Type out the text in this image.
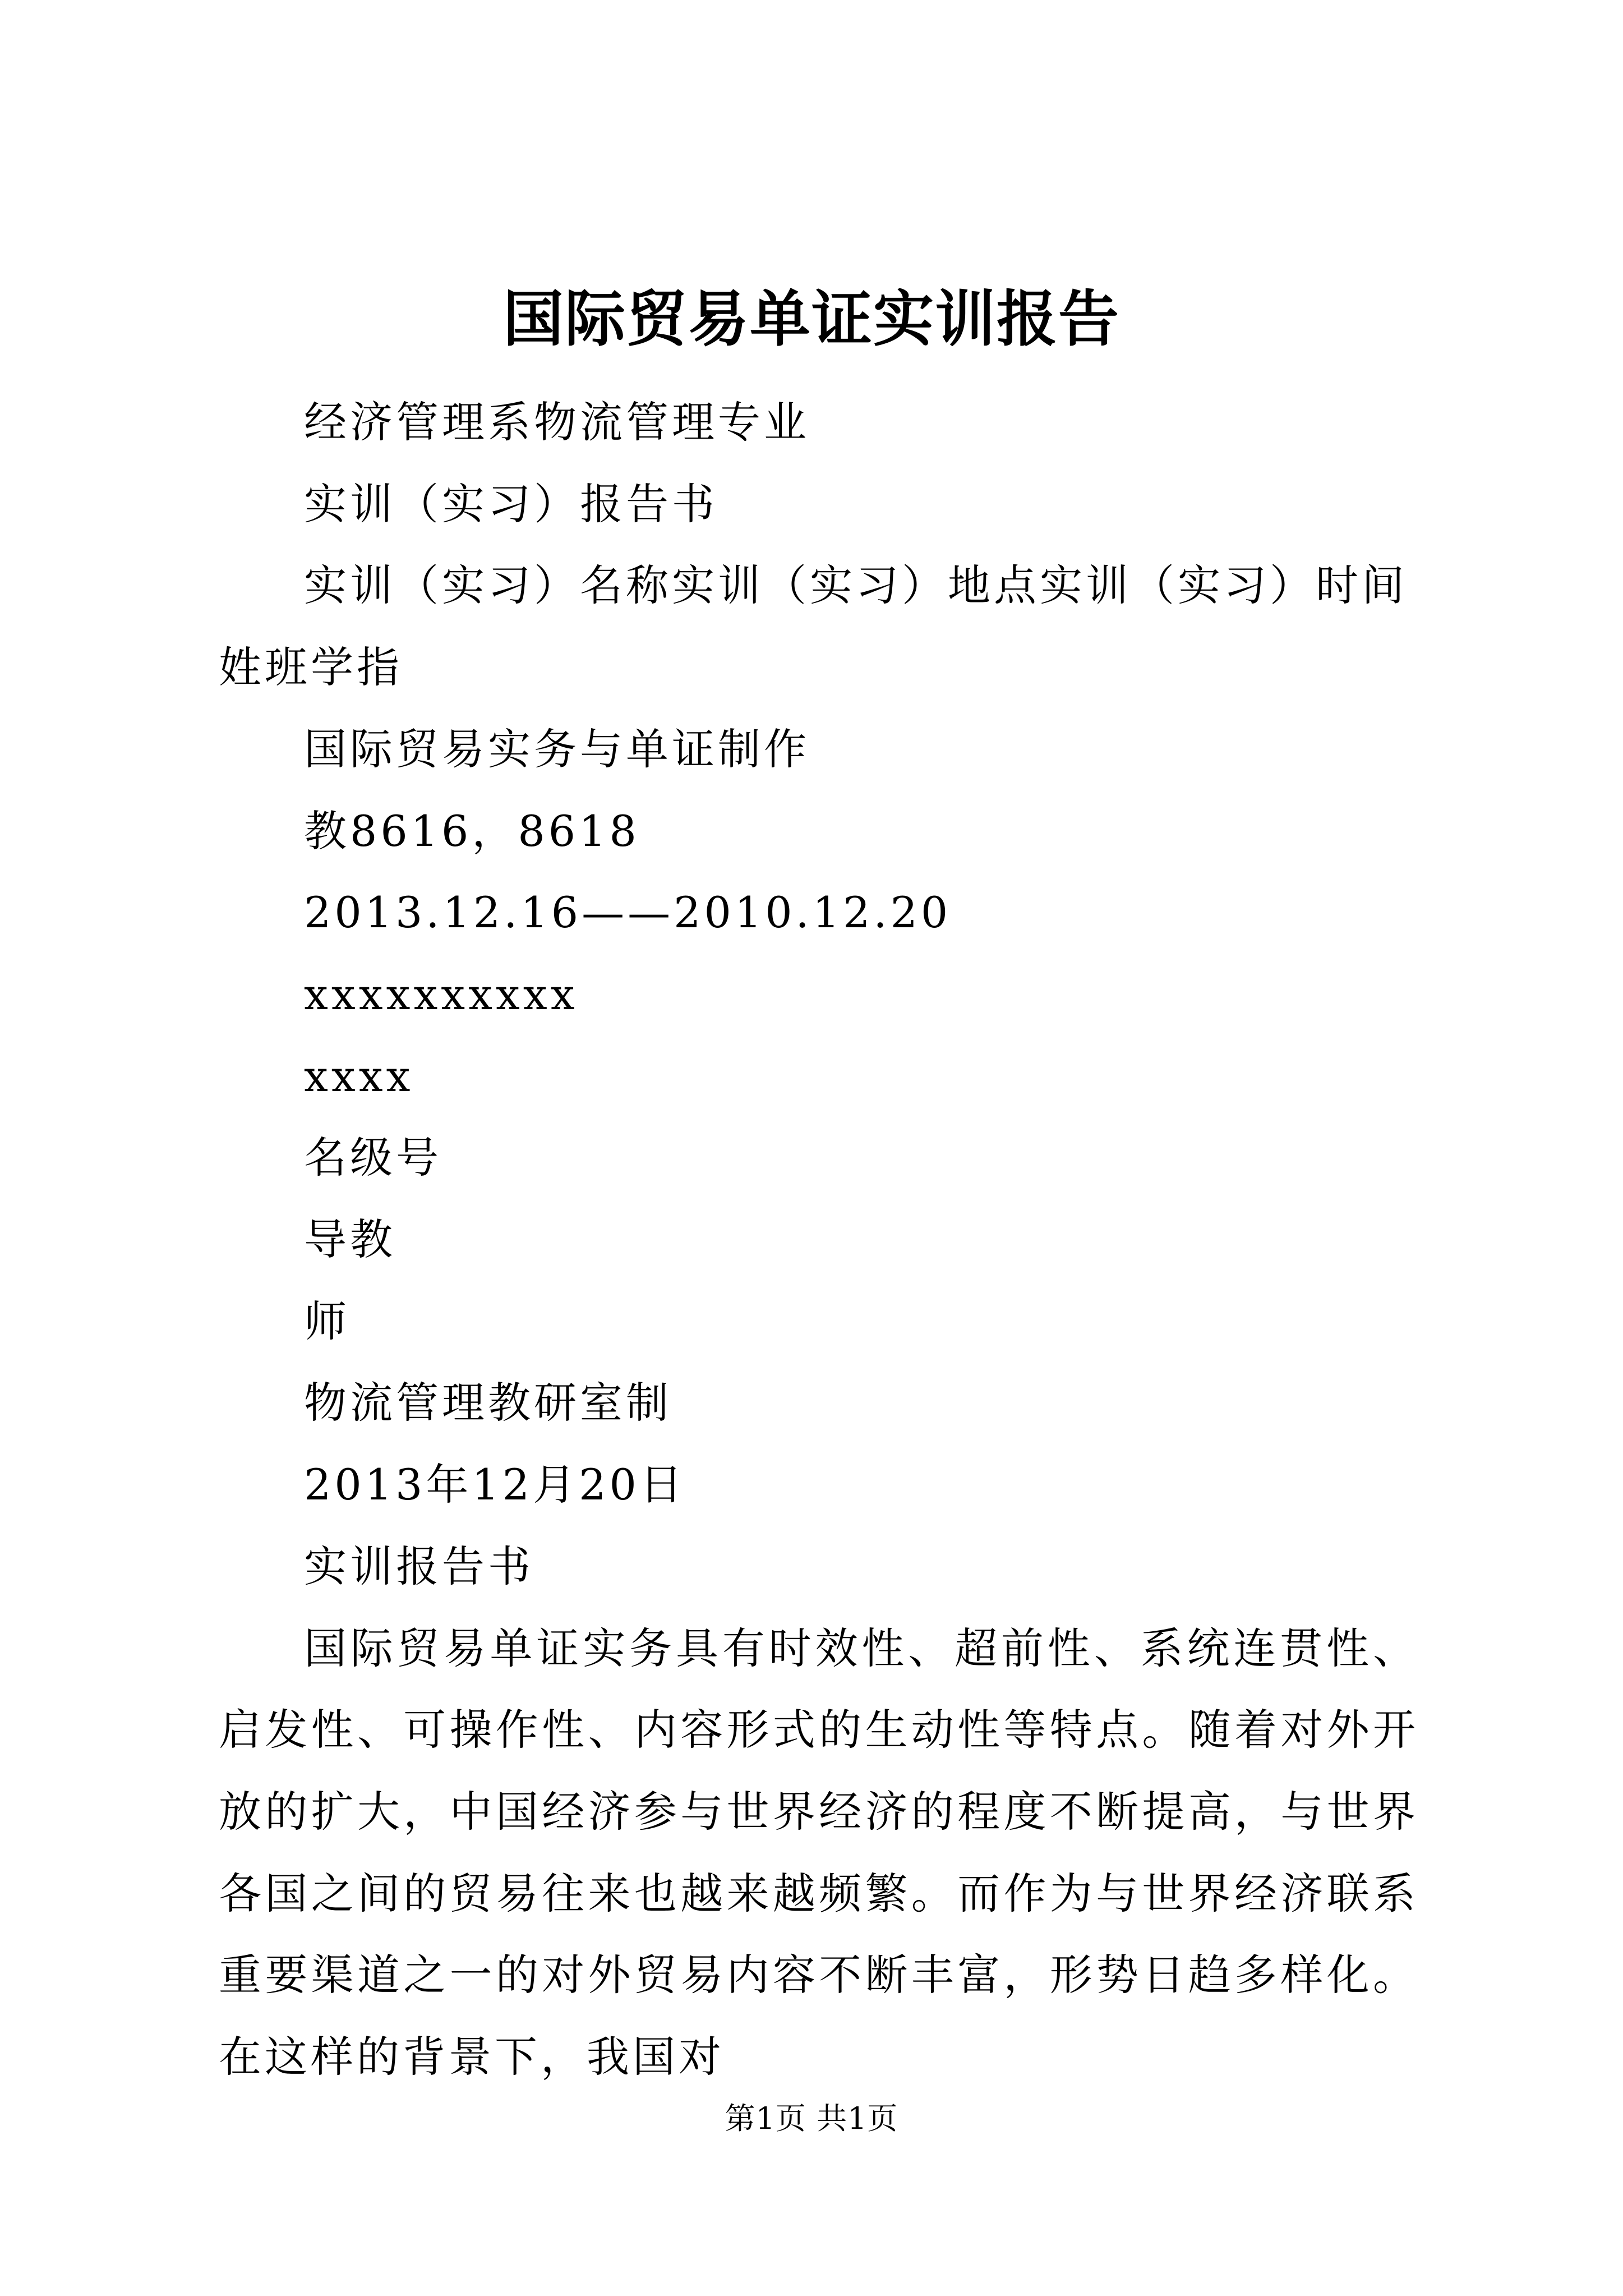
国际贸易单证实训报告

经济管理系物流管理专业

实训（实习）报告书

实训（实习）名称实训（实习）地点实训（实习）时间姓班学指

国际贸易实务与单证制作

教8616，8618

2013.12.16——2010.12.20

xxxxxxxxxx

xxxx

名级号

导教

师

物流管理教研室制

2013年12月20日

实训报告书

国际贸易单证实务具有时效性、超前性、系统连贯性、启发性、可操作性、内容形式的生动性等特点。随着对外开放的扩大，中国经济参与世界经济的程度不断提高，与世界各国之间的贸易往来也越来越频繁。而作为与世界经济联系重要渠道之一的对外贸易内容不断丰富，形势日趋多样化。在这样的背景下，我国对

第1页 共1页
